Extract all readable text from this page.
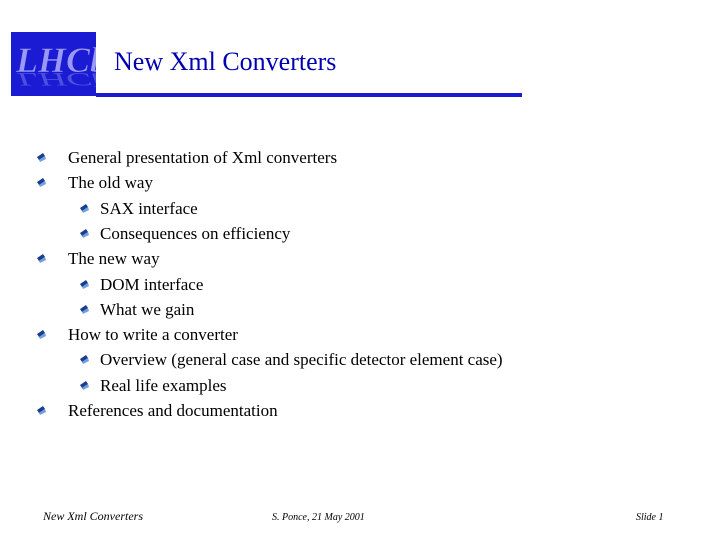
LHC
LHC New Xml Converters
General presentation of Xml converters
The old way
SAX interface
Consequences on efficiency
The new way
DOM interface
What we gain
How to write a converter
Overview (general case and specific detector element case)
Real life examples
References and documentation
New Xml Converters	S. Ponce, 21 May 2001	Slide 1
